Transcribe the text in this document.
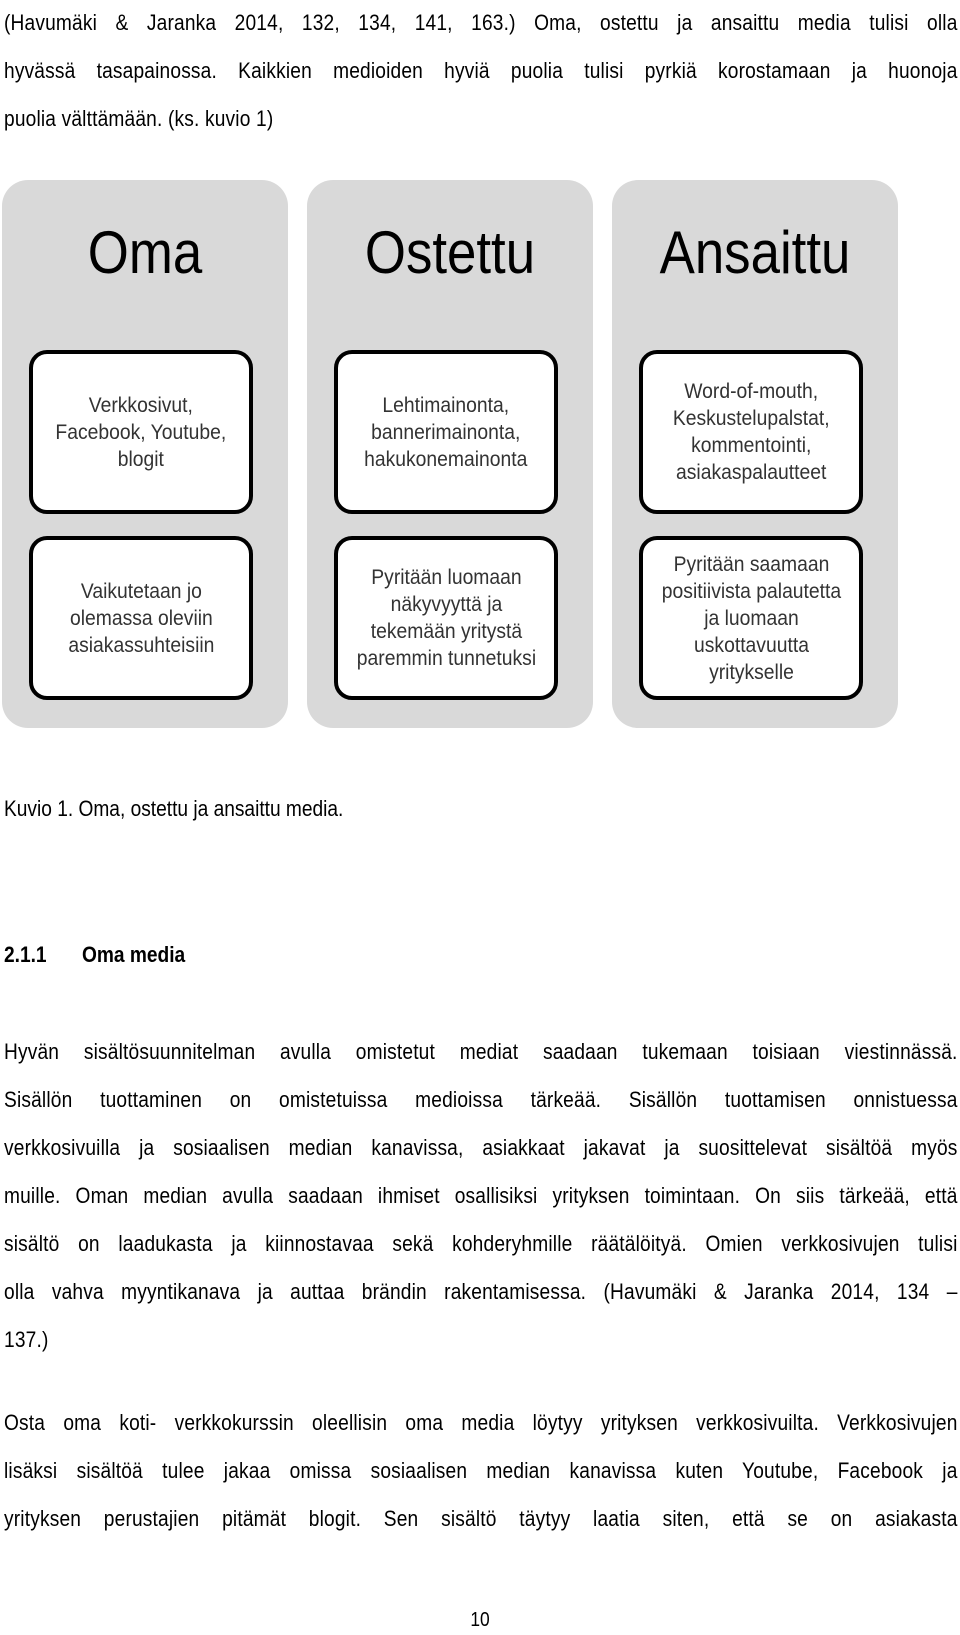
(Havumäki & Jaranka 2014, 132, 134, 141, 163.) Oma, ostettu ja ansaittu media tulisi olla
hyvässä tasapainossa. Kaikkien medioiden hyviä puolia tulisi pyrkiä korostamaan ja huonoja
puolia välttämään. (ks. kuvio 1)
Oma
Verkkosivut,
Facebook, Youtube,
blogit
Vaikutetaan jo
olemassa oleviin
asiakassuhteisiin
Ostettu
Lehtimainonta,
bannerimainonta,
hakukonemainonta
Pyritään luomaan
näkyvyyttä ja
tekemään yritystä
paremmin tunnetuksi
Ansaittu
Word-of-mouth,
Keskustelupalstat,
kommentointi,
asiakaspalautteet
Pyritään saamaan
positiivista palautetta
ja luomaan
uskottavuutta
yritykselle
Kuvio 1. Oma, ostettu ja ansaittu media.
2.1.1 Oma media
Hyvän sisältösuunnitelman avulla omistetut mediat saadaan tukemaan toisiaan viestinnässä.
Sisällön tuottaminen on omistetuissa medioissa tärkeää. Sisällön tuottamisen onnistuessa
verkkosivuilla ja sosiaalisen median kanavissa, asiakkaat jakavat ja suosittelevat sisältöä myös
muille. Oman median avulla saadaan ihmiset osallisiksi yrityksen toimintaan. On siis tärkeää, että
sisältö on laadukasta ja kiinnostavaa sekä kohderyhmille räätälöityä. Omien verkkosivujen tulisi
olla vahva myyntikanava ja auttaa brändin rakentamisessa. (Havumäki & Jaranka 2014, 134 –
137.)
Osta oma koti- verkkokurssin oleellisin oma media löytyy yrityksen verkkosivuilta. Verkkosivujen
lisäksi sisältöä tulee jakaa omissa sosiaalisen median kanavissa kuten Youtube, Facebook ja
yrityksen perustajien pitämät blogit. Sen sisältö täytyy laatia siten, että se on asiakasta
10
